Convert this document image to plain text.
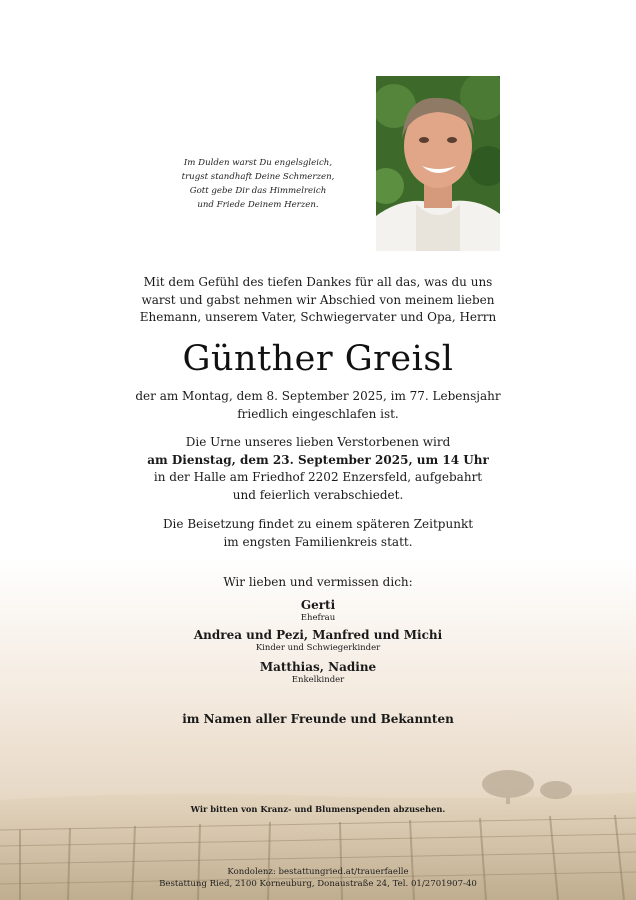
Im Dulden warst Du engelsgleich,
trugst standhaft Deine Schmerzen,
Gott gebe Dir das Himmelreich
und Friede Deinem Herzen.
Mit dem Gefühl des tiefen Dankes für all das, was du uns
warst und gabst nehmen wir Abschied von meinem lieben
Ehemann, unserem Vater, Schwiegervater und Opa, Herrn
Günther Greisl
der am Montag, dem 8. September 2025, im 77. Lebensjahr
friedlich eingeschlafen ist.
Die Urne unseres lieben Verstorbenen wird
am Dienstag, dem 23. September 2025, um 14 Uhr
in der Halle am Friedhof 2202 Enzersfeld, aufgebahrt
und feierlich verabschiedet.
Die Beisetzung findet zu einem späteren Zeitpunkt
im engsten Familienkreis statt.
Wir lieben und vermissen dich:
Gerti
Ehefrau
Andrea und Pezi, Manfred und Michi
Kinder und Schwiegerkinder
Matthias, Nadine
Enkelkinder
im Namen aller Freunde und Bekannten
Wir bitten von Kranz- und Blumenspenden abzusehen.
Kondolenz: bestattungried.at/trauerfaelle
Bestattung Ried, 2100 Korneuburg, Donaustraße 24, Tel. 01/2701907-40
